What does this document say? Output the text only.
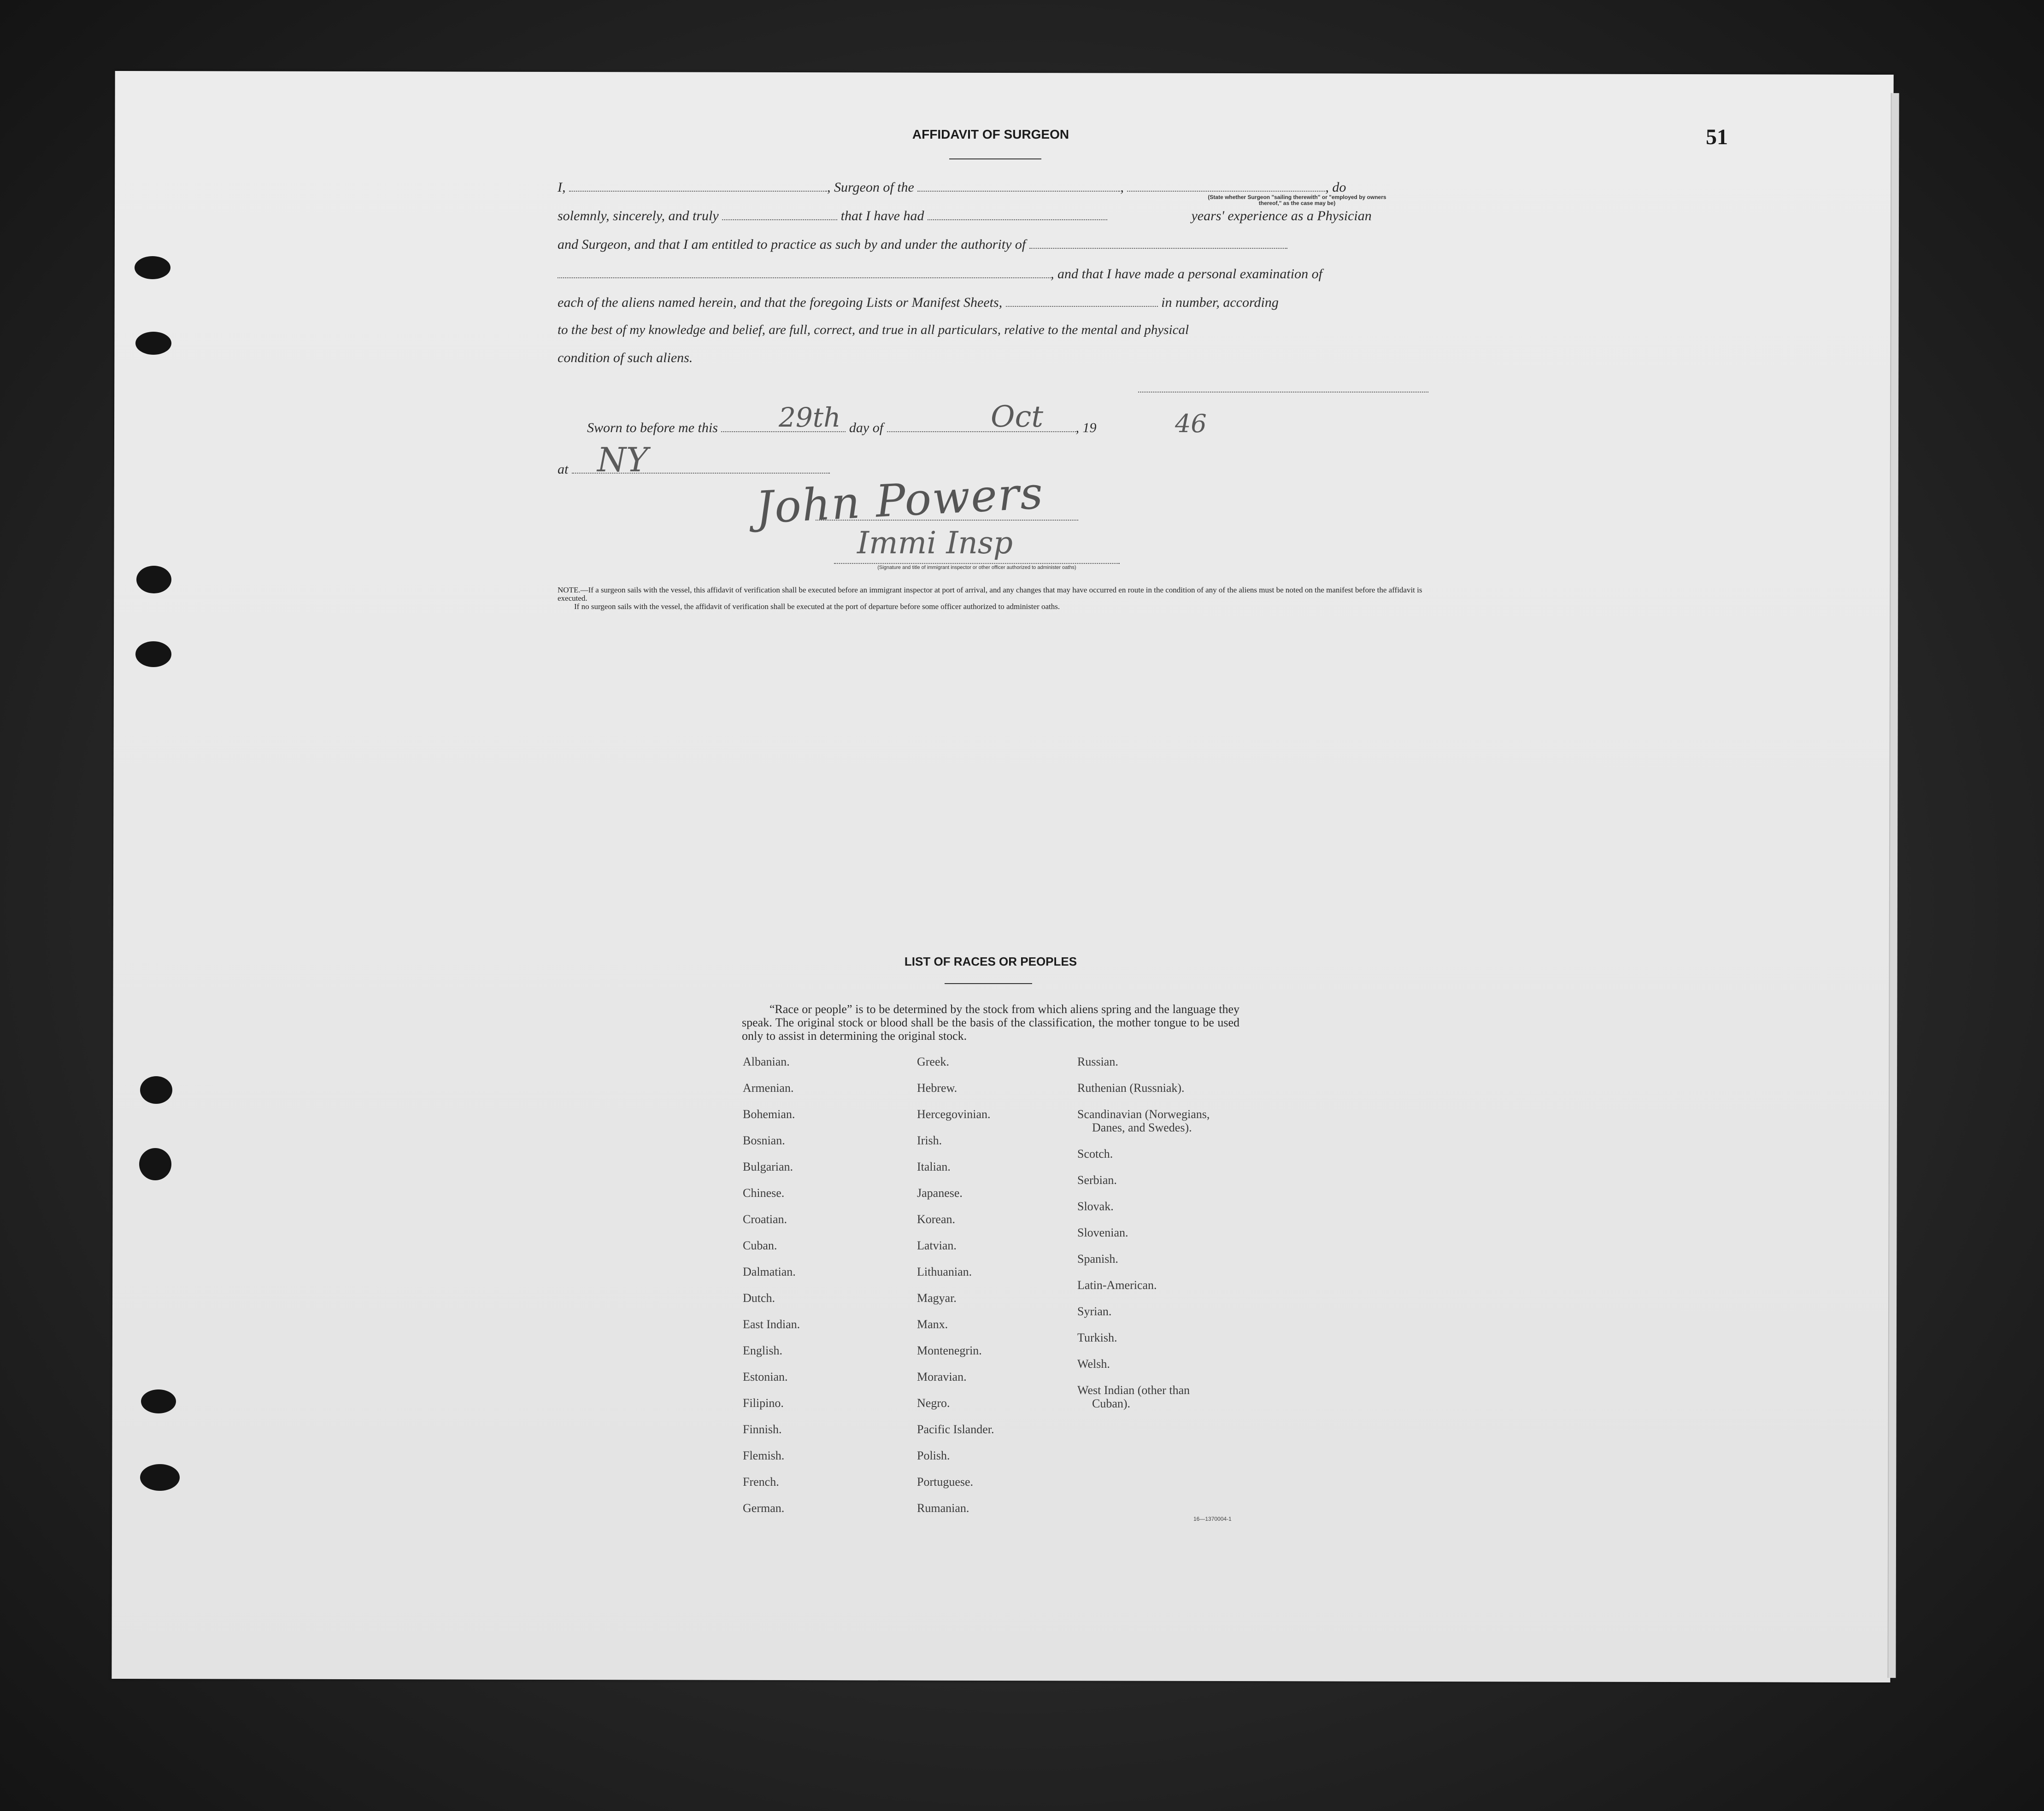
51
AFFIDAVIT OF SURGEON
I,	, Surgeon of the	,	, do
(State whether Surgeon "sailing therewith" or "employed by owners thereof," as the case may be)
solemnly, sincerely, and truly	that I have had	years' experience as a Physician
and Surgeon, and that I am entitled to practice as such by and under the authority of
, and that I have made a personal examination of
each of the aliens named herein, and that the foregoing Lists or Manifest Sheets,	in number, according
to the best of my knowledge and belief, are full, correct, and true in all particulars, relative to the mental and physical
condition of such aliens.
Sworn to before me this	day of	, 19
29th	Oct	46
at NY
John Powers
Immi Insp
(Signature and title of immigrant inspector or other officer authorized to administer oaths)
NOTE.—If a surgeon sails with the vessel, this affidavit of verification shall be executed before an immigrant inspector at port of arrival, and any changes that may have occurred en route in the condition of any of the aliens must be noted on the manifest before the affidavit is executed.
If no surgeon sails with the vessel, the affidavit of verification shall be executed at the port of departure before some officer authorized to administer oaths.
LIST OF RACES OR PEOPLES
“Race or people” is to be determined by the stock from which aliens spring and the language they speak. The original stock or blood shall be the basis of the classification, the mother tongue to be used only to assist in determining the original stock.
Albanian.
Armenian.
Bohemian.
Bosnian.
Bulgarian.
Chinese.
Croatian.
Cuban.
Dalmatian.
Dutch.
East Indian.
English.
Estonian.
Filipino.
Finnish.
Flemish.
French.
German.
Greek.
Hebrew.
Hercegovinian.
Irish.
Italian.
Japanese.
Korean.
Latvian.
Lithuanian.
Magyar.
Manx.
Montenegrin.
Moravian.
Negro.
Pacific Islander.
Polish.
Portuguese.
Rumanian.
Russian.
Ruthenian (Russniak).
Scandinavian (Norwegians,
Danes, and Swedes).
Scotch.
Serbian.
Slovak.
Slovenian.
Spanish.
Latin-American.
Syrian.
Turkish.
Welsh.
West Indian (other than
Cuban).
16—1370004-1
